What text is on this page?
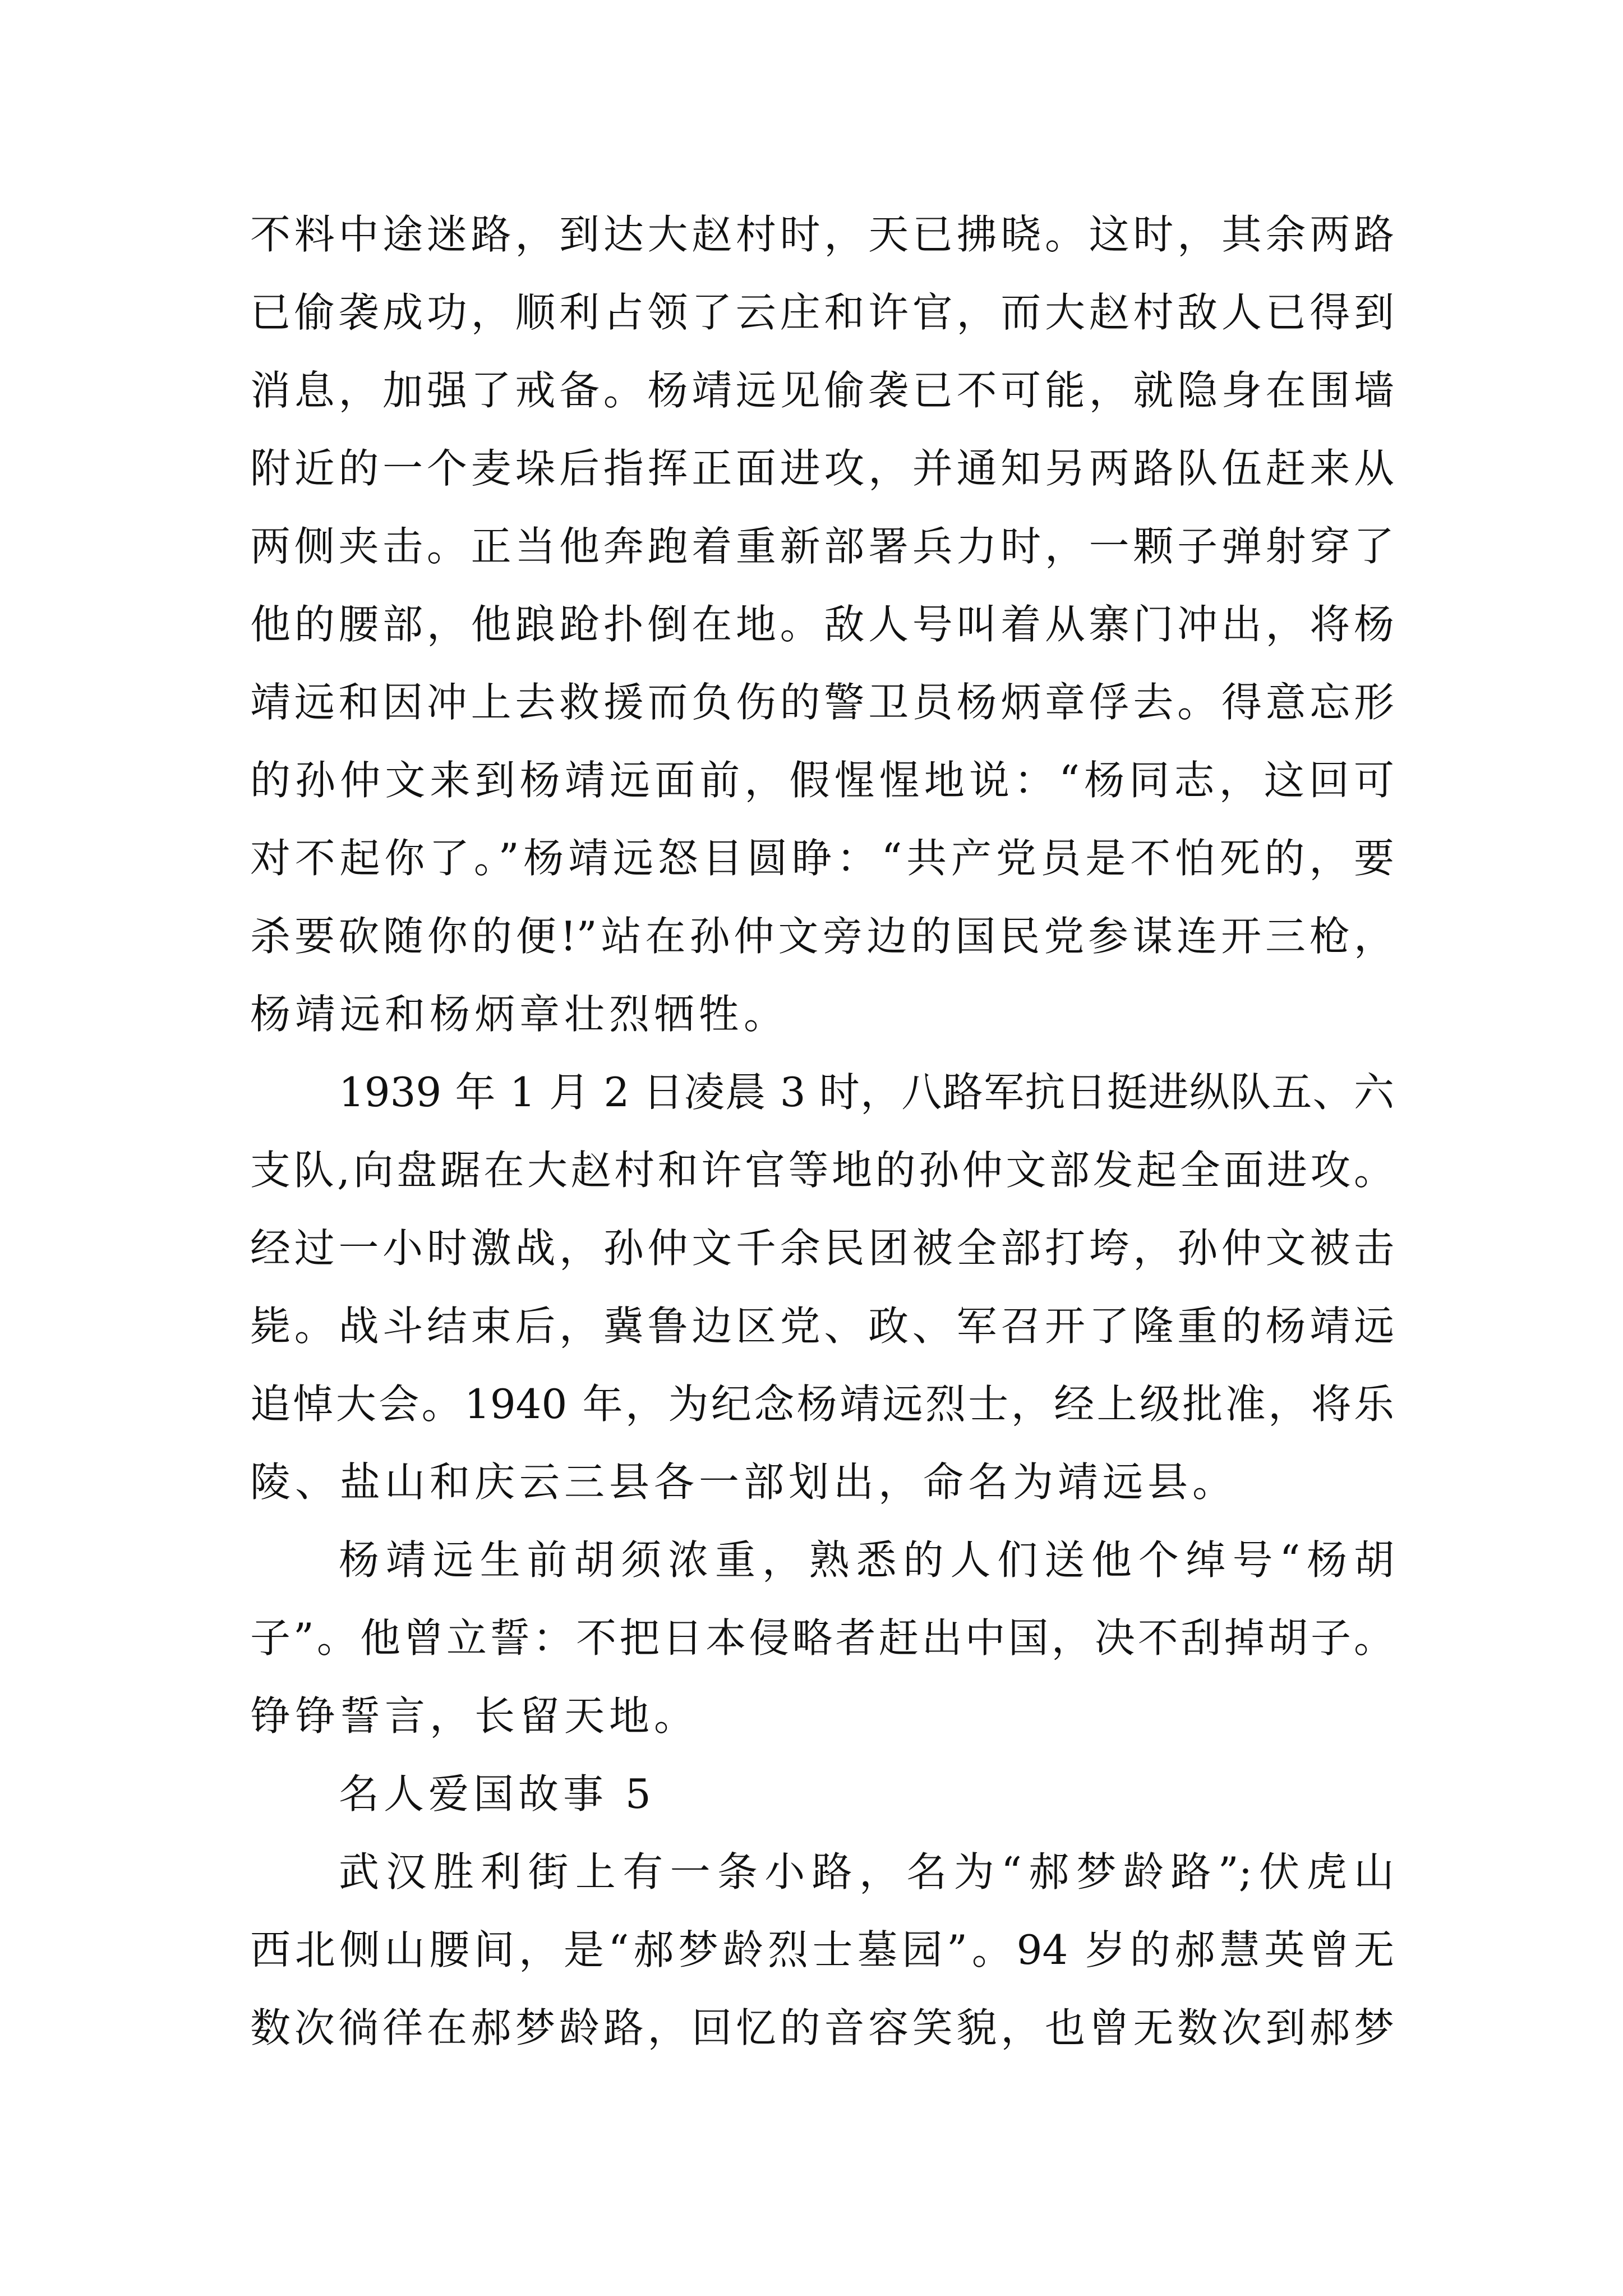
不料中途迷路，到达大赵村时，天已拂晓。这时，其余两路
已偷袭成功，顺利占领了云庄和许官，而大赵村敌人已得到
消息，加强了戒备。杨靖远见偷袭已不可能，就隐身在围墙
附近的一个麦垛后指挥正面进攻，并通知另两路队伍赶来从
两侧夹击。正当他奔跑着重新部署兵力时，一颗子弹射穿了
他的腰部，他踉跄扑倒在地。敌人号叫着从寨门冲出，将杨
靖远和因冲上去救援而负伤的警卫员杨炳章俘去。得意忘形
的孙仲文来到杨靖远面前，假惺惺地说：“杨同志，这回可
对不起你了。”杨靖远怒目圆睁：“共产党员是不怕死的，要
杀要砍随你的便!”站在孙仲文旁边的国民党参谋连开三枪，
杨靖远和杨炳章壮烈牺牲。
1939 年 1 月 2 日凌晨 3 时，八路军抗日挺进纵队五、六
支队,向盘踞在大赵村和许官等地的孙仲文部发起全面进攻。
经过一小时激战，孙仲文千余民团被全部打垮，孙仲文被击
毙。战斗结束后，冀鲁边区党、政、军召开了隆重的杨靖远
追悼大会。1940 年，为纪念杨靖远烈士，经上级批准，将乐
陵、盐山和庆云三县各一部划出，命名为靖远县。
杨靖远生前胡须浓重，熟悉的人们送他个绰号“杨胡
子”。他曾立誓：不把日本侵略者赶出中国，决不刮掉胡子。
铮铮誓言，长留天地。
名人爱国故事 5
武汉胜利街上有一条小路，名为“郝梦龄路”;伏虎山
西北侧山腰间，是“郝梦龄烈士墓园”。94 岁的郝慧英曾无
数次徜徉在郝梦龄路，回忆的音容笑貌，也曾无数次到郝梦
